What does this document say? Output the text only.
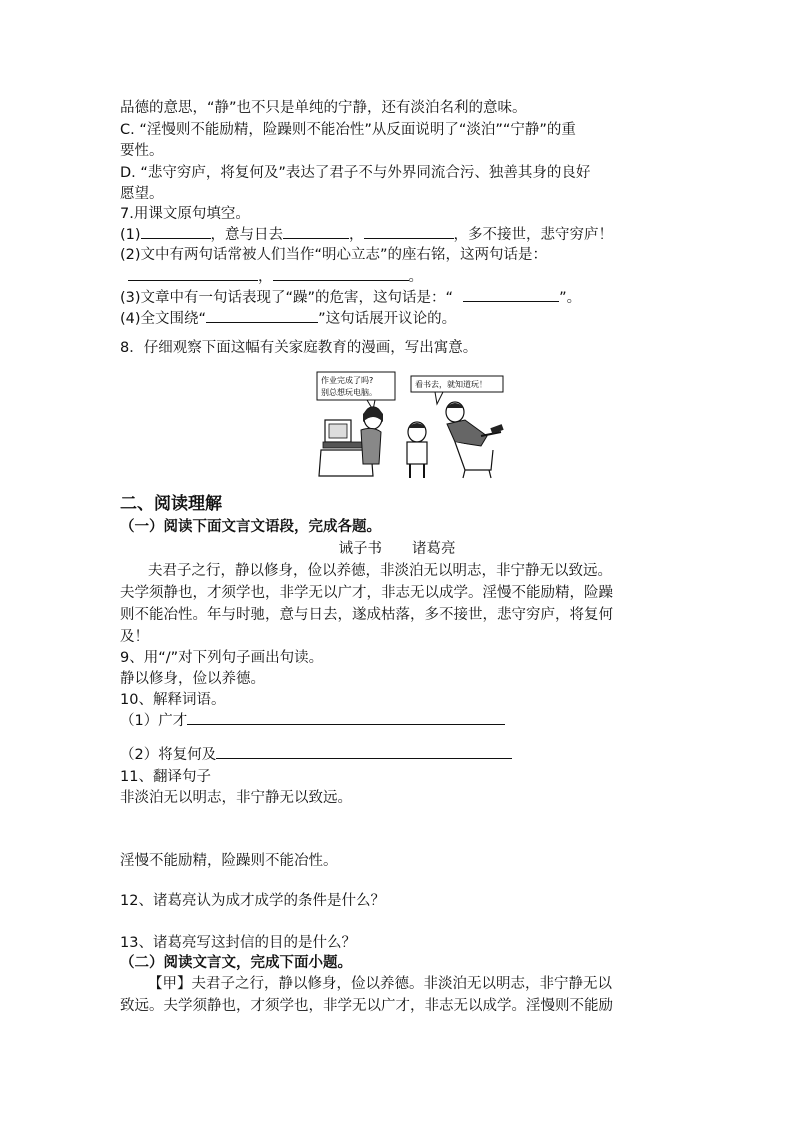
品德的意思，“静”也不只是单纯的宁静，还有淡泊名利的意味。
C. “淫慢则不能励精，险躁则不能冶性”从反面说明了“淡泊”“宁静”的重
要性。
D. “悲守穷庐，将复何及”表达了君子不与外界同流合污、独善其身的良好
愿望。
7.用课文原句填空。
(1)	，意与日去	，	，多不接世，悲守穷庐！
(2)文中有两句话常被人们当作“明心立志”的座右铭，这两句话是：
，	。
(3)文章中有一句话表现了“躁”的危害，这句话是：“	”。
(4)全文围绕“	”这句话展开议论的。
8．仔细观察下面这幅有关家庭教育的漫画，写出寓意。
作业完成了吗?
别总想玩电脑。
看书去，就知道玩！
二、阅读理解
（一）阅读下面文言文语段，完成各题。
诫子书 诸葛亮
夫君子之行，静以修身，俭以养德，非淡泊无以明志，非宁静无以致远。
夫学须静也，才须学也，非学无以广才，非志无以成学。淫慢不能励精，险躁
则不能冶性。年与时驰，意与日去，遂成枯落，多不接世，悲守穷庐，将复何
及！
9、用“/”对下列句子画出句读。
静以修身，俭以养德。
10、解释词语。
（1）广才
（2）将复何及
11、翻译句子
非淡泊无以明志，非宁静无以致远。
淫慢不能励精，险躁则不能冶性。
12、诸葛亮认为成才成学的条件是什么？
13、诸葛亮写这封信的目的是什么？
（二）阅读文言文，完成下面小题。
【甲】夫君子之行，静以修身，俭以养德。非淡泊无以明志，非宁静无以
致远。夫学须静也，才须学也，非学无以广才，非志无以成学。淫慢则不能励
